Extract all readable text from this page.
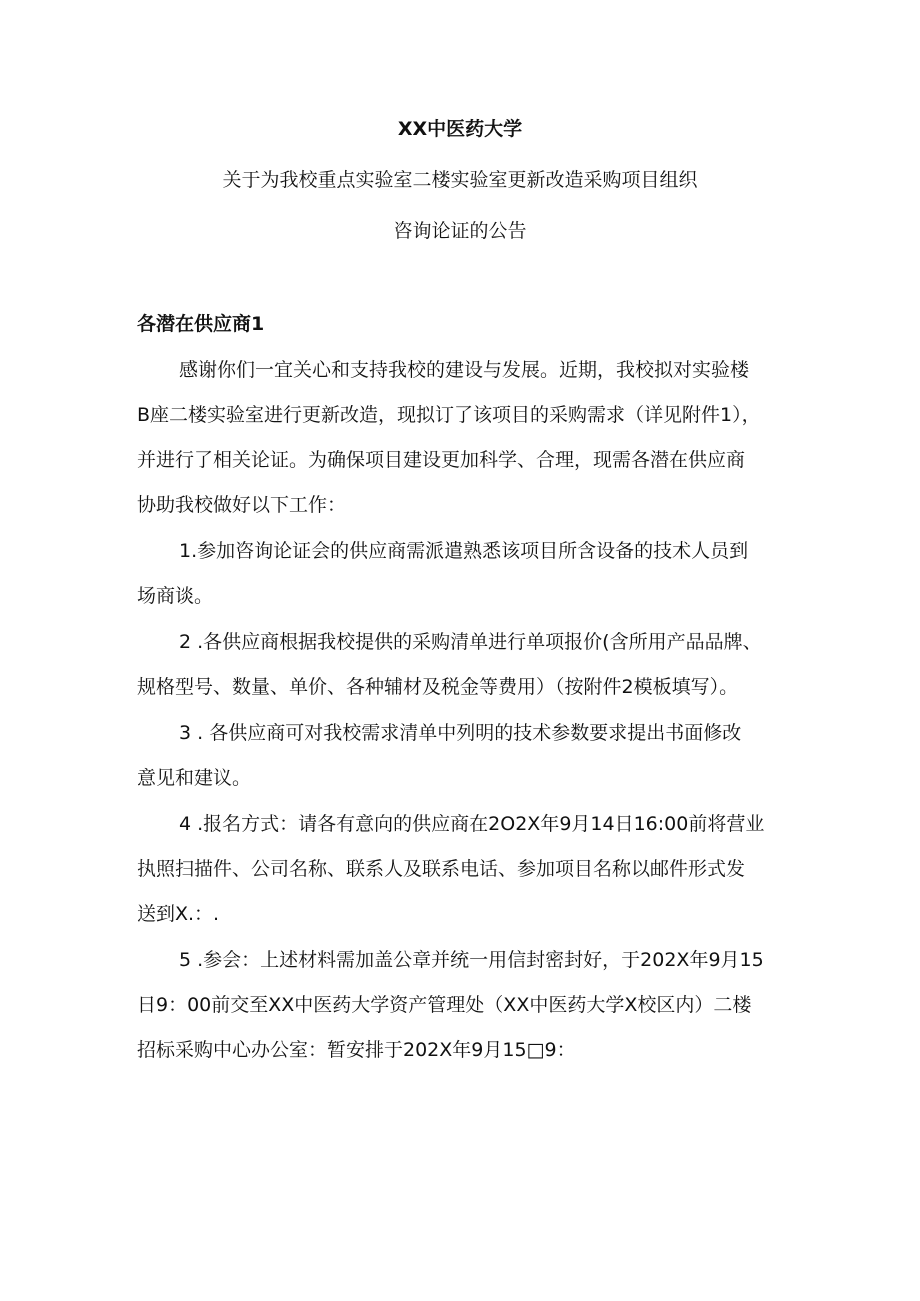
XX中医药大学
关于为我校重点实验室二楼实验室更新改造采购项目组织
咨询论证的公告
各潜在供应商1
感谢你们一宜关心和支持我校的建设与发展。近期，我校拟对实验楼
B座二楼实验室进行更新改造，现拟订了该项目的采购需求（详见附件1），
并进行了相关论证。为确保项目建设更加科学、合理，现需各潜在供应商
协助我校做好以下工作：
1.参加咨询论证会的供应商需派遣熟悉该项目所含设备的技术人员到
场商谈。
2 .各供应商根据我校提供的采购清单进行单项报价(含所用产品品牌、
规格型号、数量、单价、各种辅材及税金等费用）（按附件2模板填写）。
3 . 各供应商可对我校需求清单中列明的技术参数要求提出书面修改
意见和建议。
4 .报名方式：请各有意向的供应商在2O2X年9月14日16:00前将营业
执照扫描件、公司名称、联系人及联系电话、参加项目名称以邮件形式发
送到X.：.
5 .参会：上述材料需加盖公章并统一用信封密封好，于202X年9月15
日9：00前交至XX中医药大学资产管理处（XX中医药大学X校区内）二楼
招标采购中心办公室：暂安排于202X年9月15□9：
